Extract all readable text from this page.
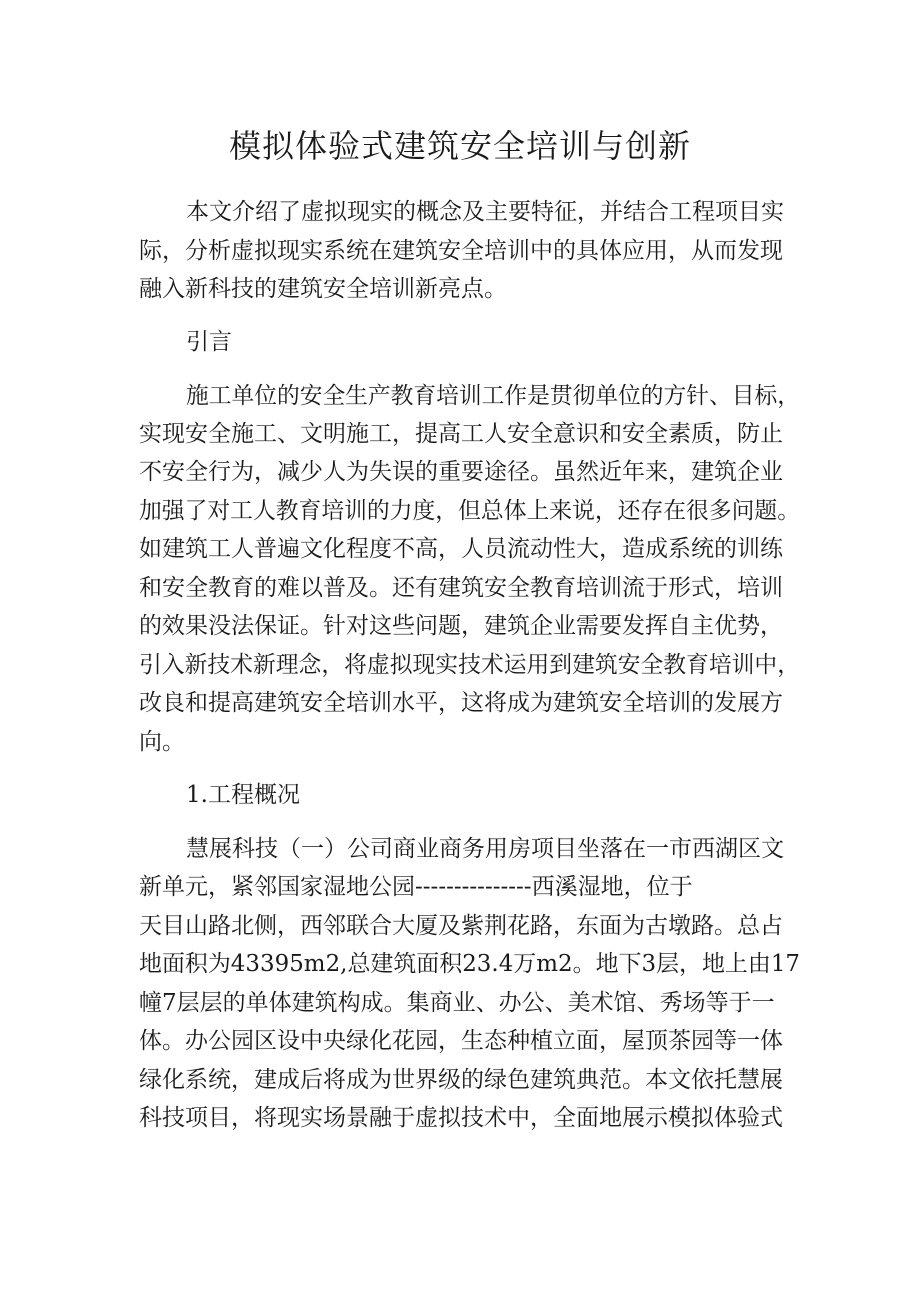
模拟体验式建筑安全培训与创新
本文介绍了虚拟现实的概念及主要特征，并结合工程项目实
际，分析虚拟现实系统在建筑安全培训中的具体应用，从而发现
融入新科技的建筑安全培训新亮点。
引言
施工单位的安全生产教育培训工作是贯彻单位的方针、目标，
实现安全施工、文明施工，提高工人安全意识和安全素质，防止
不安全行为，减少人为失误的重要途径。虽然近年来，建筑企业
加强了对工人教育培训的力度，但总体上来说，还存在很多问题。
如建筑工人普遍文化程度不高，人员流动性大，造成系统的训练
和安全教育的难以普及。还有建筑安全教育培训流于形式，培训
的效果没法保证。针对这些问题，建筑企业需要发挥自主优势，
引入新技术新理念，将虚拟现实技术运用到建筑安全教育培训中，
改良和提高建筑安全培训水平，这将成为建筑安全培训的发展方
向。
1.工程概况
慧展科技（一）公司商业商务用房项目坐落在一市西湖区文
新单元，紧邻国家湿地公园---------------西溪湿地，位于
天目山路北侧，西邻联合大厦及紫荆花路，东面为古墩路。总占
地面积为43395m2,总建筑面积23.4万m2。地下3层，地上由17
幢7层层的单体建筑构成。集商业、办公、美术馆、秀场等于一
体。办公园区设中央绿化花园，生态种植立面，屋顶茶园等一体
绿化系统，建成后将成为世界级的绿色建筑典范。本文依托慧展
科技项目，将现实场景融于虚拟技术中，全面地展示模拟体验式
